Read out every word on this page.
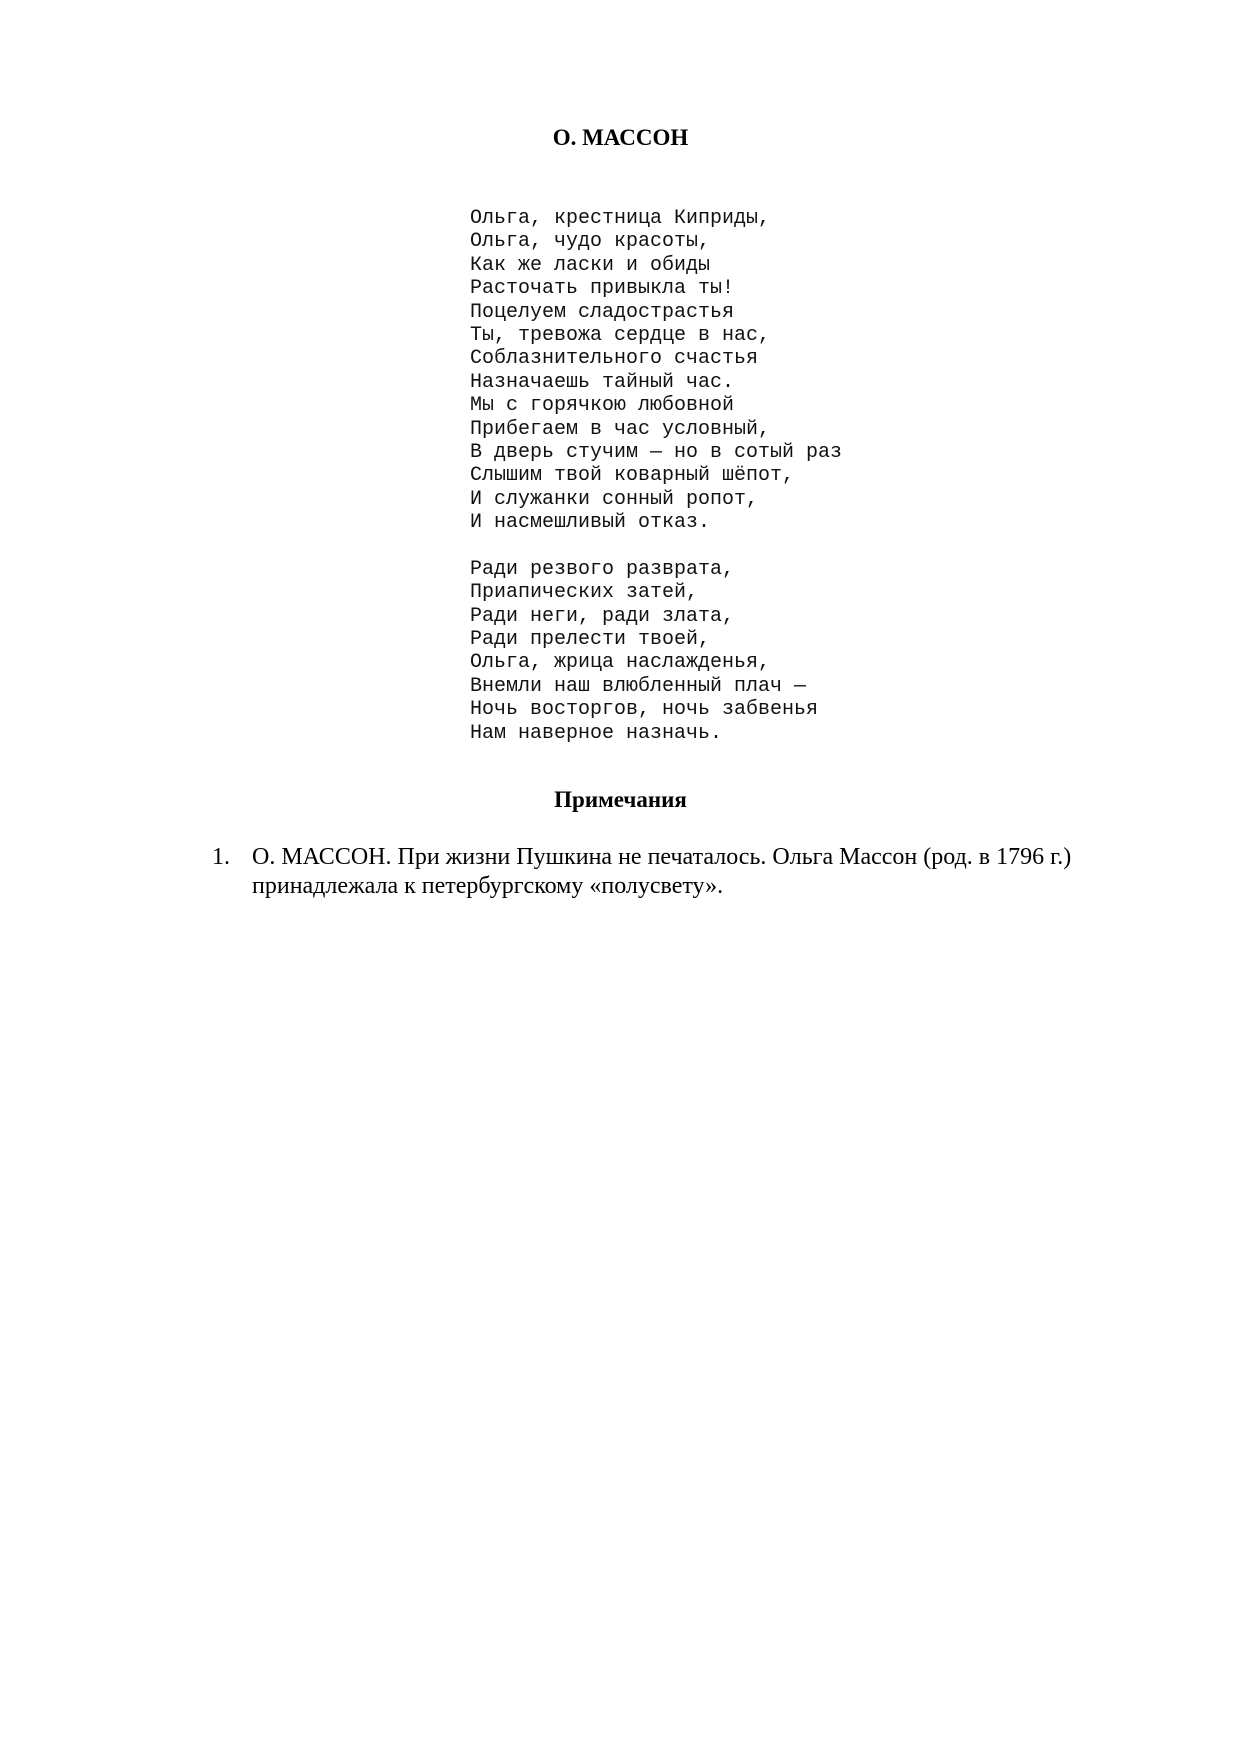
О. МАССОН
Ольга, крестница Киприды,
Ольга, чудо красоты,
Как же ласки и обиды
Расточать привыкла ты!
Поцелуем сладострастья
Ты, тревожа сердце в нас,
Соблазнительного счастья
Назначаешь тайный час.
Мы с горячкою любовной
Прибегаем в час условный,
В дверь стучим — но в сотый раз
Слышим твой коварный шёпот,
И служанки сонный ропот,
И насмешливый отказ.
Ради резвого разврата,
Приапических затей,
Ради неги, ради злата,
Ради прелести твоей,
Ольга, жрица наслажденья,
Внемли наш влюбленный плач —
Ночь восторгов, ночь забвенья
Нам наверное назначь.
Примечания
1. О. МАССОН. При жизни Пушкина не печаталось. Ольга Массон (род. в 1796 г.) принадлежала к петербургскому «полусвету».
